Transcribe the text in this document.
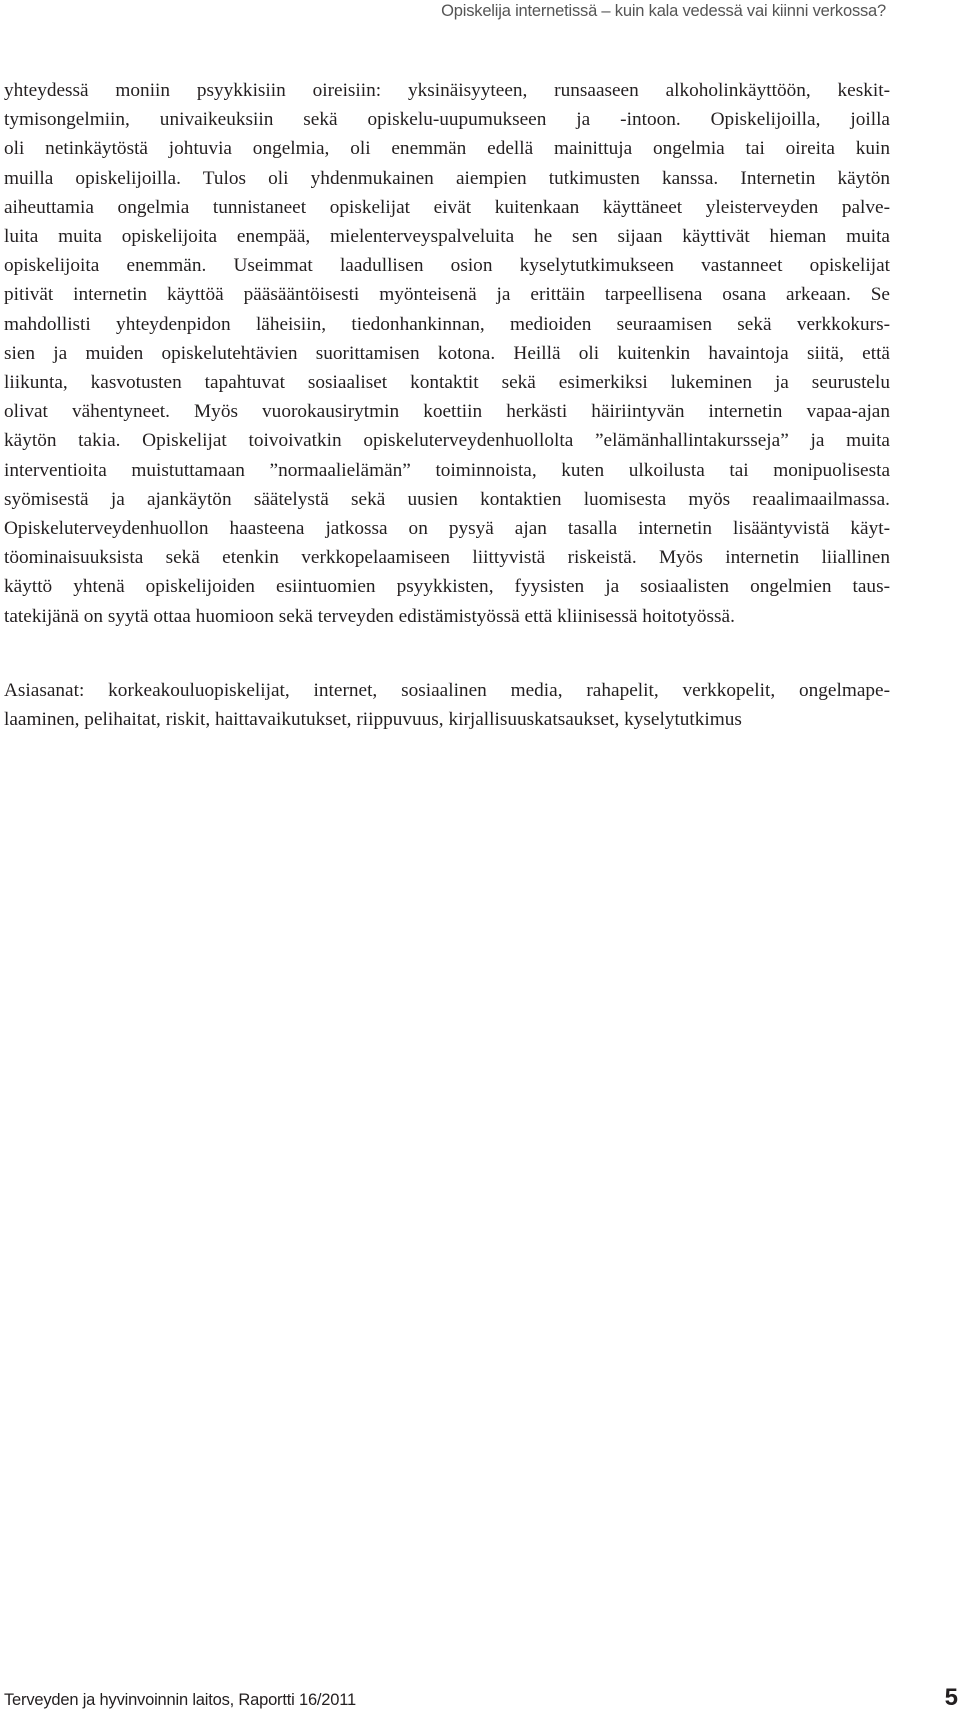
Opiskelija internetissä – kuin kala vedessä vai kiinni verkossa?
yhteydessä moniin psyykkisiin oireisiin: yksinäisyyteen, runsaaseen alkoholinkäyttöön, keskit-
tymisongelmiin, univaikeuksiin sekä opiskelu-uupumukseen ja -intoon. Opiskelijoilla, joilla
oli netinkäytöstä johtuvia ongelmia, oli enemmän edellä mainittuja ongelmia tai oireita kuin
muilla opiskelijoilla. Tulos oli yhdenmukainen aiempien tutkimusten kanssa. Internetin käytön
aiheuttamia ongelmia tunnistaneet opiskelijat eivät kuitenkaan käyttäneet yleisterveyden palve-
luita muita opiskelijoita enempää, mielenterveyspalveluita he sen sijaan käyttivät hieman muita
opiskelijoita enemmän. Useimmat laadullisen osion kyselytutkimukseen vastanneet opiskelijat
pitivät internetin käyttöä pääsääntöisesti myönteisenä ja erittäin tarpeellisena osana arkeaan. Se
mahdollisti yhteydenpidon läheisiin, tiedonhankinnan, medioiden seuraamisen sekä verkkokurs-
sien ja muiden opiskelutehtävien suorittamisen kotona. Heillä oli kuitenkin havaintoja siitä, että
liikunta, kasvotusten tapahtuvat sosiaaliset kontaktit sekä esimerkiksi lukeminen ja seurustelu
olivat vähentyneet. Myös vuorokausirytmin koettiin herkästi häiriintyvän internetin vapaa-ajan
käytön takia. Opiskelijat toivoivatkin opiskeluterveydenhuollolta ”elämänhallintakursseja” ja muita
interventioita muistuttamaan ”normaalielämän” toiminnoista, kuten ulkoilusta tai monipuolisesta
syömisestä ja ajankäytön säätelystä sekä uusien kontaktien luomisesta myös reaalimaailmassa.
Opiskeluterveydenhuollon haasteena jatkossa on pysyä ajan tasalla internetin lisääntyvistä käyt-
töominaisuuksista sekä etenkin verkkopelaamiseen liittyvistä riskeistä. Myös internetin liiallinen
käyttö yhtenä opiskelijoiden esiintuomien psyykkisten, fyysisten ja sosiaalisten ongelmien taus-
tatekijänä on syytä ottaa huomioon sekä terveyden edistämistyössä että kliinisessä hoitotyössä.
Asiasanat: korkeakouluopiskelijat, internet, sosiaalinen media, rahapelit, verkkopelit, ongelmape-
laaminen, pelihaitat, riskit, haittavaikutukset, riippuvuus, kirjallisuuskatsaukset, kyselytutkimus
Terveyden ja hyvinvoinnin laitos, Raportti 16/2011	5
